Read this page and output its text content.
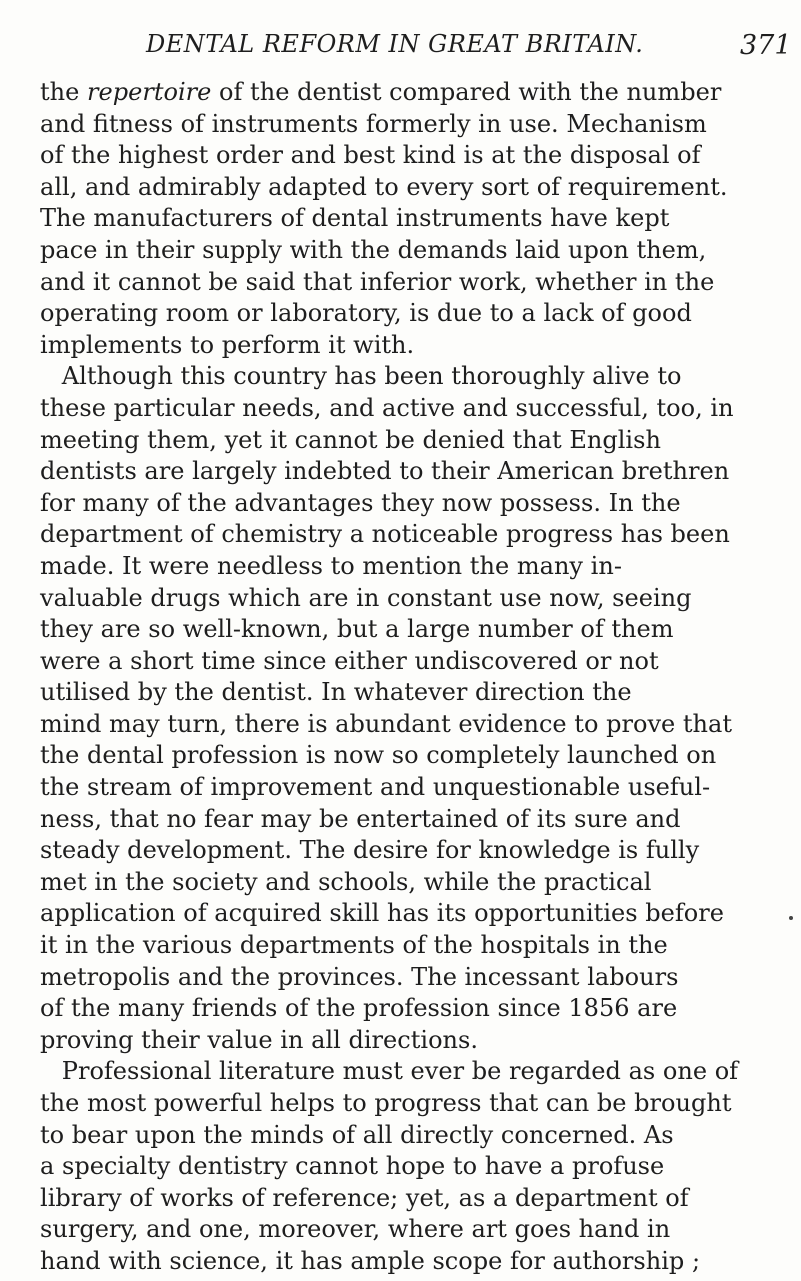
DENTAL REFORM IN GREAT BRITAIN.	371
the repertoire of the dentist compared with the number
and fitness of instruments formerly in use. Mechanism
of the highest order and best kind is at the disposal of
all, and admirably adapted to every sort of requirement.
The manufacturers of dental instruments have kept
pace in their supply with the demands laid upon them,
and it cannot be said that inferior work, whether in the
operating room or laboratory, is due to a lack of good
implements to perform it with.
Although this country has been thoroughly alive to
these particular needs, and active and successful, too, in
meeting them, yet it cannot be denied that English
dentists are largely indebted to their American brethren
for many of the advantages they now possess. In the
department of chemistry a noticeable progress has been
made. It were needless to mention the many in-
valuable drugs which are in constant use now, seeing
they are so well-known, but a large number of them
were a short time since either undiscovered or not
utilised by the dentist. In whatever direction the
mind may turn, there is abundant evidence to prove that
the dental profession is now so completely launched on
the stream of improvement and unquestionable useful-
ness, that no fear may be entertained of its sure and
steady development. The desire for knowledge is fully
met in the society and schools, while the practical
application of acquired skill has its opportunities before
it in the various departments of the hospitals in the
metropolis and the provinces. The incessant labours
of the many friends of the profession since 1856 are
proving their value in all directions.
Professional literature must ever be regarded as one of
the most powerful helps to progress that can be brought
to bear upon the minds of all directly concerned. As
a specialty dentistry cannot hope to have a profuse
library of works of reference; yet, as a department of
surgery, and one, moreover, where art goes hand in
hand with science, it has ample scope for authorship ;
